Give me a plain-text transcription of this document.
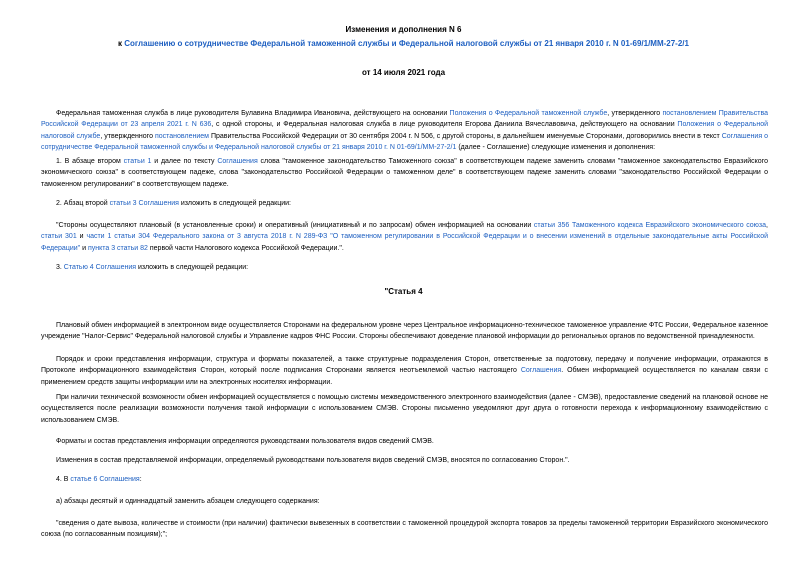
Изменения и дополнения N 6
к Соглашению о сотрудничестве Федеральной таможенной службы и Федеральной налоговой службы от 21 января 2010 г. N 01-69/1/ММ-27-2/1
от 14 июля 2021 года
Федеральная таможенная служба в лице руководителя Булавина Владимира Ивановича, действующего на основании Положения о Федеральной таможенной службе, утвержденного постановлением Правительства Российской Федерации от 23 апреля 2021 г. N 636, с одной стороны, и Федеральная налоговая служба в лице руководителя Егорова Даниила Вячеславовича, действующего на основании Положения о Федеральной налоговой службе, утвержденного постановлением Правительства Российской Федерации от 30 сентября 2004 г. N 506, с другой стороны, в дальнейшем именуемые Сторонами, договорились внести в текст Соглашения о сотрудничестве Федеральной таможенной службы и Федеральной налоговой службы от 21 января 2010 г. N 01-69/1/ММ-27-2/1 (далее - Соглашение) следующие изменения и дополнения:
1. В абзаце втором статьи 1 и далее по тексту Соглашения слова "таможенное законодательство Таможенного союза" в соответствующем падеже заменить словами "таможенное законодательство Евразийского экономического союза" в соответствующем падеже, слова "законодательство Российской Федерации о таможенном деле" в соответствующем падеже заменить словами "законодательство Российской Федерации о таможенном регулировании" в соответствующем падеже.
2. Абзац второй статьи 3 Соглашения изложить в следующей редакции:
"Стороны осуществляют плановый (в установленные сроки) и оперативный (инициативный и по запросам) обмен информацией на основании статьи 356 Таможенного кодекса Евразийского экономического союза, статьи 301 и части 1 статьи 304 Федерального закона от 3 августа 2018 г. N 289-ФЗ "О таможенном регулировании в Российской Федерации и о внесении изменений в отдельные законодательные акты Российской Федерации" и пункта 3 статьи 82 первой части Налогового кодекса Российской Федерации.".
3. Статью 4 Соглашения изложить в следующей редакции:
"Статья 4
Плановый обмен информацией в электронном виде осуществляется Сторонами на федеральном уровне через Центральное информационно-техническое таможенное управление ФТС России, Федеральное казенное учреждение "Налог-Сервис" Федеральной налоговой службы и Управление кадров ФНС России. Стороны обеспечивают доведение плановой информации до региональных органов по ведомственной принадлежности.
Порядок и сроки представления информации, структура и форматы показателей, а также структурные подразделения Сторон, ответственные за подготовку, передачу и получение информации, отражаются в Протоколе информационного взаимодействия Сторон, который после подписания Сторонами является неотъемлемой частью настоящего Соглашения. Обмен информацией осуществляется по каналам связи с применением средств защиты информации или на электронных носителях информации.
При наличии технической возможности обмен информацией осуществляется с помощью системы межведомственного электронного взаимодействия (далее - СМЭВ), предоставление сведений на плановой основе не осуществляется после реализации возможности получения такой информации с использованием СМЭВ. Стороны письменно уведомляют друг друга о готовности перехода к информационному взаимодействию с использованием СМЭВ.
Форматы и состав представления информации определяются руководствами пользователя видов сведений СМЭВ.
Изменения в состав представляемой информации, определяемый руководствами пользователя видов сведений СМЭВ, вносятся по согласованию Сторон.".
4. В статье 6 Соглашения:
а) абзацы десятый и одиннадцатый заменить абзацем следующего содержания:
"сведения о дате вывоза, количестве и стоимости (при наличии) фактически вывезенных в соответствии с таможенной процедурой экспорта товаров за пределы таможенной территории Евразийского экономического союза (по согласованным позициям);";
